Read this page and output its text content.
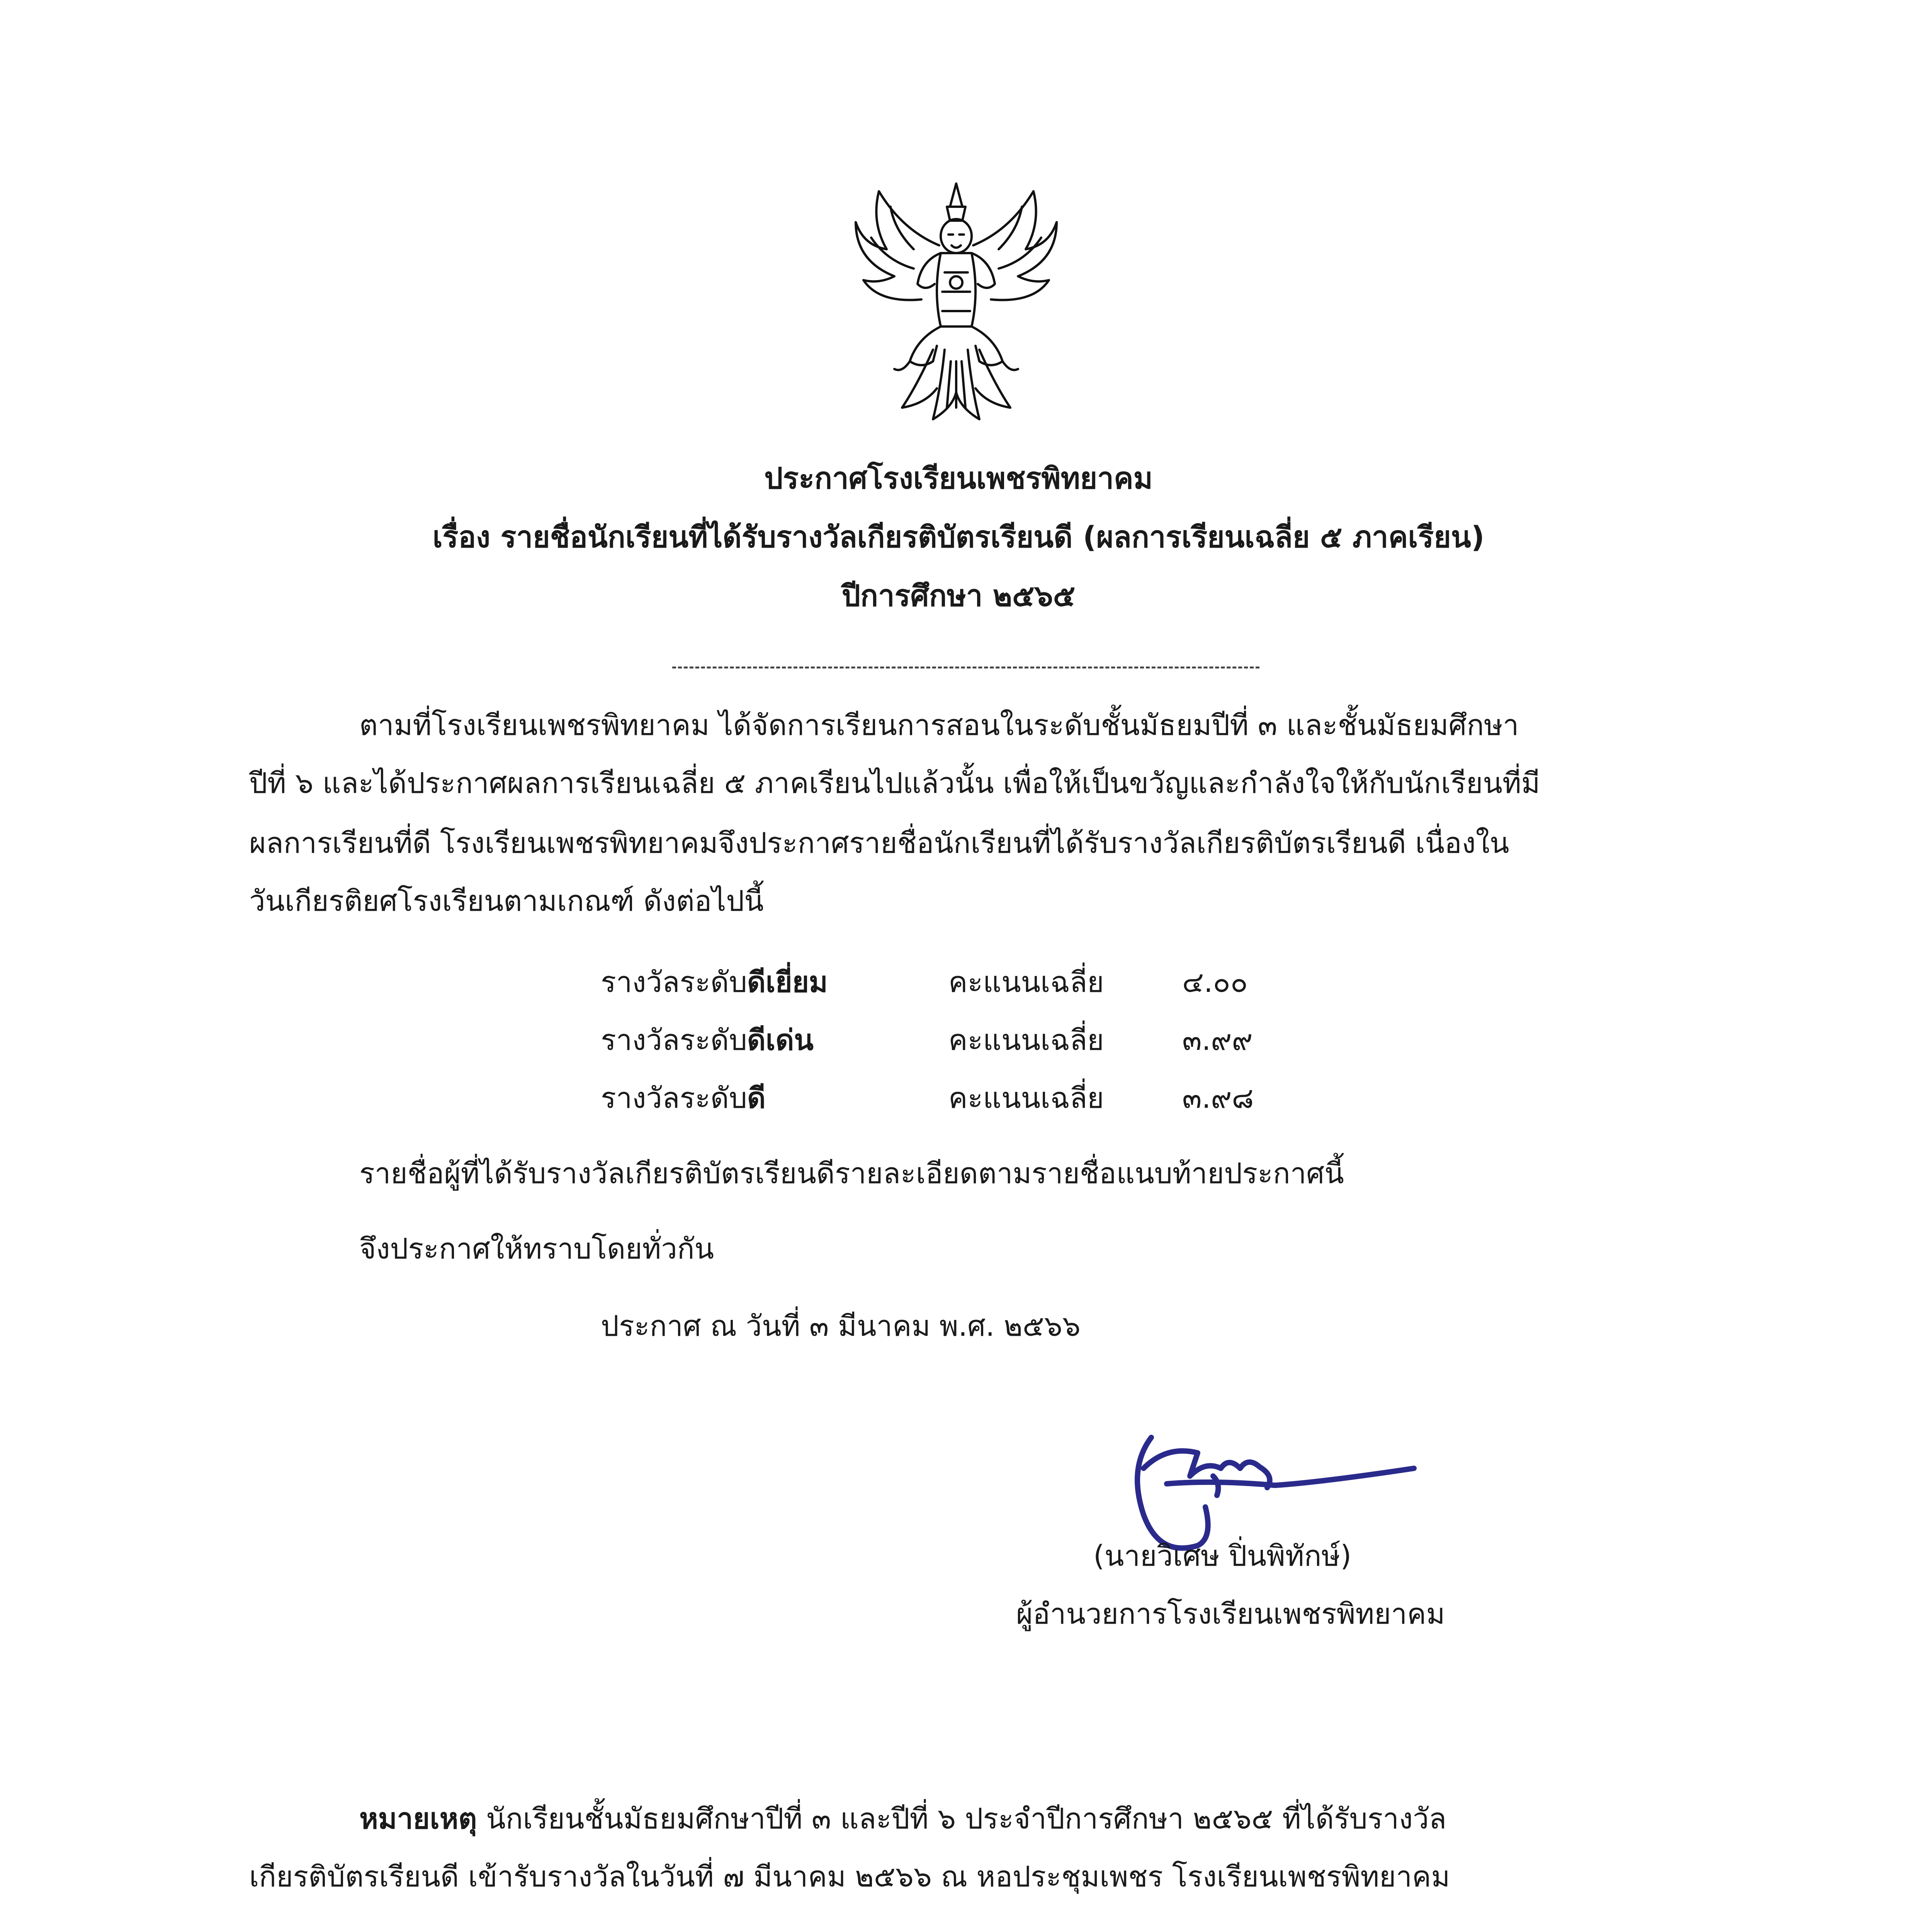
ประกาศโรงเรียนเพชรพิทยาคม
เรื่อง รายชื่อนักเรียนที่ได้รับรางวัลเกียรติบัตรเรียนดี (ผลการเรียนเฉลี่ย ๕ ภาคเรียน)
ปีการศึกษา ๒๕๖๕
ตามที่โรงเรียนเพชรพิทยาคม ได้จัดการเรียนการสอนในระดับชั้นมัธยมปีที่ ๓ และชั้นมัธยมศึกษา
ปีที่ ๖ และได้ประกาศผลการเรียนเฉลี่ย ๕ ภาคเรียนไปแล้วนั้น เพื่อให้เป็นขวัญและกำลังใจให้กับนักเรียนที่มี
ผลการเรียนที่ดี โรงเรียนเพชรพิทยาคมจึงประกาศรายชื่อนักเรียนที่ได้รับรางวัลเกียรติบัตรเรียนดี เนื่องใน
วันเกียรติยศโรงเรียนตามเกณฑ์ ดังต่อไปนี้
รางวัลระดับดีเยี่ยม	คะแนนเฉลี่ย	๔.๐๐
รางวัลระดับดีเด่น	คะแนนเฉลี่ย	๓.๙๙
รางวัลระดับดี	คะแนนเฉลี่ย	๓.๙๘
รายชื่อผู้ที่ได้รับรางวัลเกียรติบัตรเรียนดีรายละเอียดตามรายชื่อแนบท้ายประกาศนี้
จึงประกาศให้ทราบโดยทั่วกัน
ประกาศ ณ วันที่ ๓ มีนาคม พ.ศ. ๒๕๖๖
(นายวิเศษ ปิ่นพิทักษ์)
ผู้อำนวยการโรงเรียนเพชรพิทยาคม
หมายเหตุ นักเรียนชั้นมัธยมศึกษาปีที่ ๓ และปีที่ ๖ ประจำปีการศึกษา ๒๕๖๕ ที่ได้รับรางวัล
เกียรติบัตรเรียนดี เข้ารับรางวัลในวันที่ ๗ มีนาคม ๒๕๖๖ ณ หอประชุมเพชร โรงเรียนเพชรพิทยาคม
